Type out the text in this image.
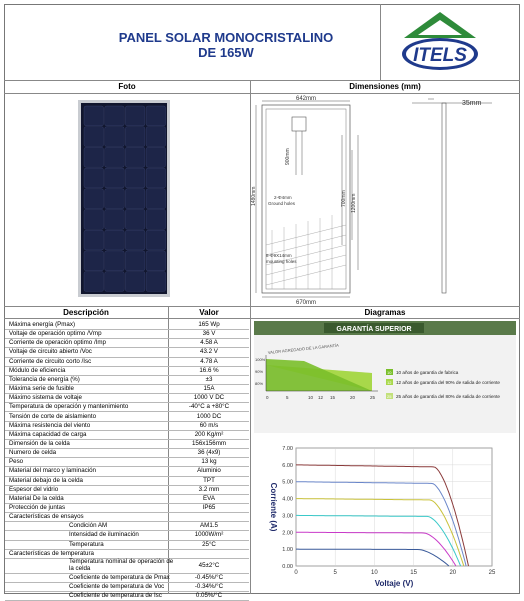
PANEL SOLAR MONOCRISTALINO
DE 165W	ITELS
Foto	Dimensiones (mm)
642mm
670mm
1480mm
900mm
700mm 1200mm
2-Φ4mm
Ground holes
8-Φ9X14mm
mounting holes
35mm
Descripción	Valor	Diagramas
Máxima energía (Pmax)	165 Wp
Voltaje de operación optimo /Vmp	36 V
Corriente de operación optimo /Imp	4.58 A
Voltaje de circuito abierto /Voc	43.2 V
Corriente de circuito corto /Isc	4.78 A
Módulo de eficiencia	16.6 %
Tolerancia de energía (%)	±3
Máxima serie de fusible	15A
Máximo sistema de voltaje	1000 V DC
Temperatura de operación y mantenimiento	-40°C a +80°C
Tensión de corte de aislamiento	1000 DC
Máxima resistencia del viento	60 m/s
Máxima capacidad de carga	200 Kg/m²
Dimensión de la celda	156x156mm
Numero de celda	36 (4x9)
Peso	13 kg
Material del marco y laminación	Aluminio
Material debajo de la celda	TPT
Espesor del vidrio	3.2 mm
Material De la celda	EVA
Protección de juntas	IP65
Características de ensayos
Condición AM	AM1.5
Intensidad de iluminación	1000W/m²
Temperatura	25°C
Características de temperatura
Temperatura nominal de operación de la celda	45±2°C
Coeficiente de temperatura de Pmax	-0.45%/°C
Coeficiente de temperatura de Voc	-0.34%/°C
Coeficiente de temperatura de Isc	0.05%/°C
GARANTÍA SUPERIOR
VALOR AGREGADO DE LA GARANTÍA
100%
90%
80%
0	5	10 12 15	20	25
10 10 años de garantía de fabrica
12 12 años de garantía del 90% de salida de corriente
25 25 años de garantía del 80% de salida de corriente
0.00
1.00
2.00
3.00
4.00
5.00
6.00
7.00
0	5	10	15	20	25
Voltaje (V)
Corriente (A)
